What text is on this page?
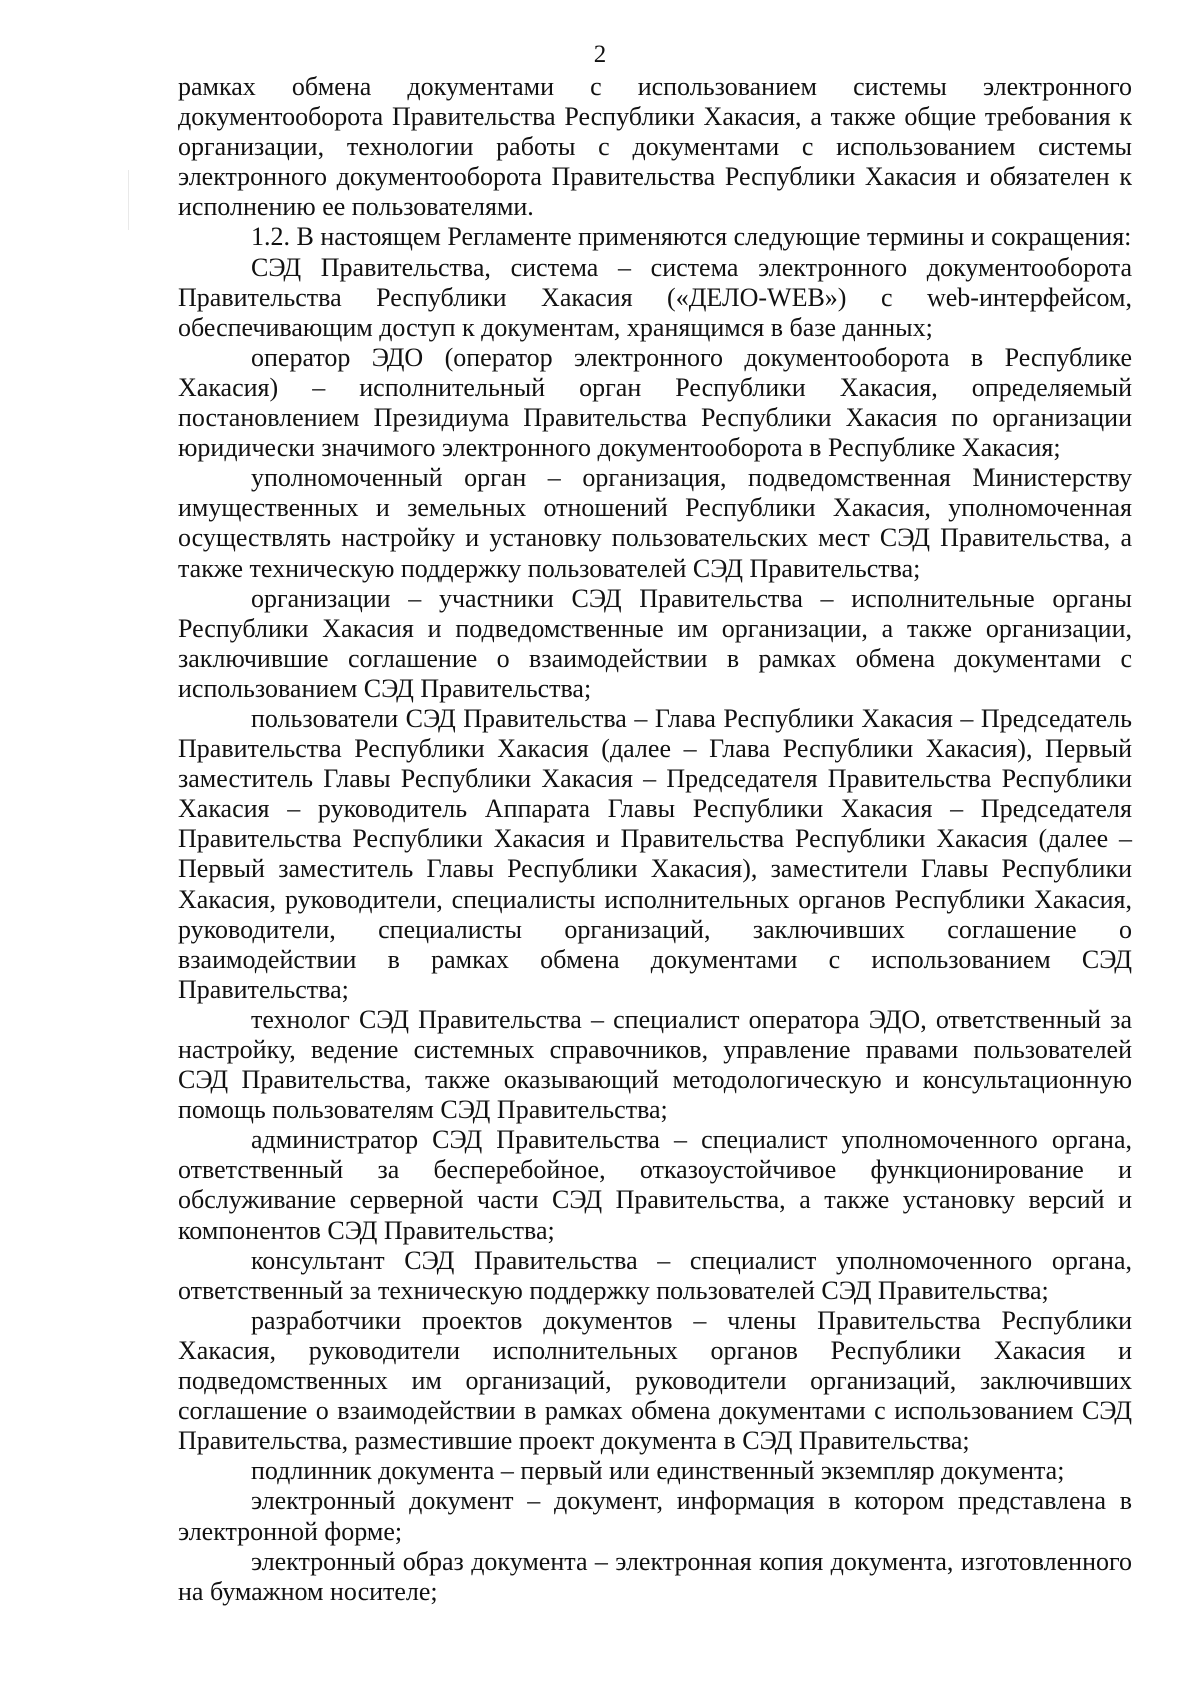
2

рамках обмена документами с использованием системы электронного документооборота Правительства Республики Хакасия, а также общие требования к организации, технологии работы с документами с использованием системы электронного документооборота Правительства Республики Хакасия и обязателен к исполнению ее пользователями.

1.2. В настоящем Регламенте применяются следующие термины и сокращения:

СЭД Правительства, система – система электронного документооборота Правительства Республики Хакасия («ДЕЛО-WEB») с web-интерфейсом, обеспечивающим доступ к документам, хранящимся в базе данных;

оператор ЭДО (оператор электронного документооборота в Республике Хакасия) – исполнительный орган Республики Хакасия, определяемый постановлением Президиума Правительства Республики Хакасия по организации юридически значимого электронного документооборота в Республике Хакасия;

уполномоченный орган – организация, подведомственная Министерству имущественных и земельных отношений Республики Хакасия, уполномоченная осуществлять настройку и установку пользовательских мест СЭД Правительства, а также техническую поддержку пользователей СЭД Правительства;

организации – участники СЭД Правительства – исполнительные органы Республики Хакасия и подведомственные им организации, а также организации, заключившие соглашение о взаимодействии в рамках обмена документами с использованием СЭД Правительства;

пользователи СЭД Правительства – Глава Республики Хакасия – Председатель Правительства Республики Хакасия (далее – Глава Республики Хакасия), Первый заместитель Главы Республики Хакасия – Председателя Правительства Республики Хакасия – руководитель Аппарата Главы Республики Хакасия – Председателя Правительства Республики Хакасия и Правительства Республики Хакасия (далее – Первый заместитель Главы Республики Хакасия), заместители Главы Республики Хакасия, руководители, специалисты исполнительных органов Республики Хакасия, руководители, специалисты организаций, заключивших соглашение о взаимодействии в рамках обмена документами с использованием СЭД Правительства;

технолог СЭД Правительства – специалист оператора ЭДО, ответственный за настройку, ведение системных справочников, управление правами пользователей СЭД Правительства, также оказывающий методологическую и консультационную помощь пользователям СЭД Правительства;

администратор СЭД Правительства – специалист уполномоченного органа, ответственный за бесперебойное, отказоустойчивое функционирование и обслуживание серверной части СЭД Правительства, а также установку версий и компонентов СЭД Правительства;

консультант СЭД Правительства – специалист уполномоченного органа, ответственный за техническую поддержку пользователей СЭД Правительства;

разработчики проектов документов – члены Правительства Республики Хакасия, руководители исполнительных органов Республики Хакасия и подведомственных им организаций, руководители организаций, заключивших соглашение о взаимодействии в рамках обмена документами с использованием СЭД Правительства, разместившие проект документа в СЭД Правительства;

подлинник документа – первый или единственный экземпляр документа;

электронный документ – документ, информация в котором представлена в электронной форме;

электронный образ документа – электронная копия документа, изготовленного на бумажном носителе;
